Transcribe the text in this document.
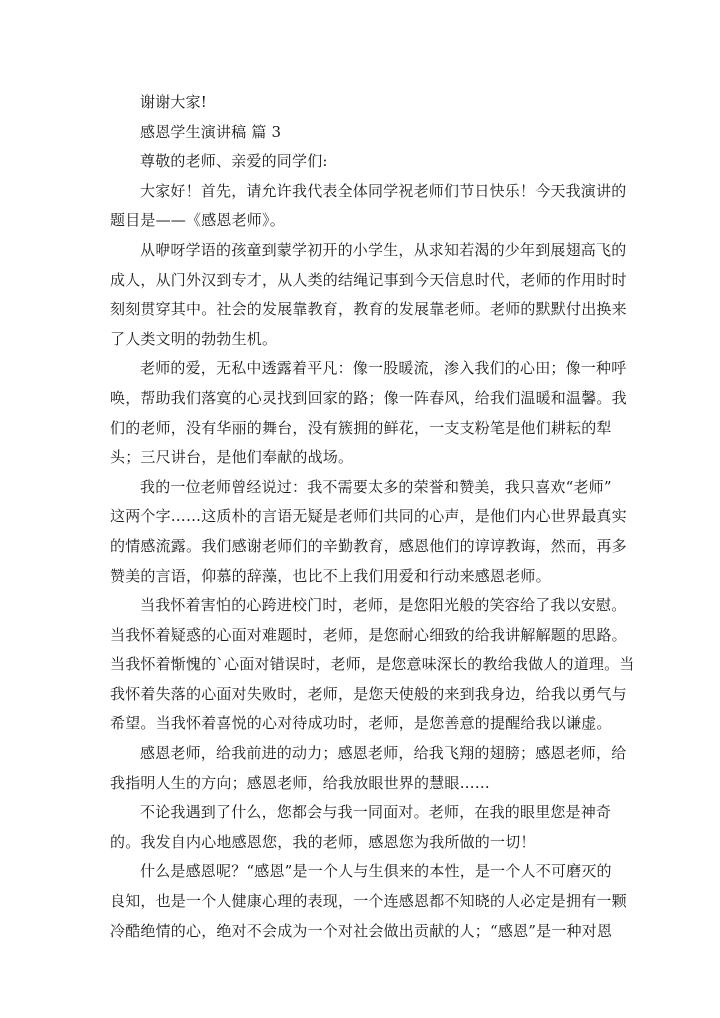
谢谢大家!
感恩学生演讲稿 篇 3
尊敬的老师、亲爱的同学们:
大家好！首先，请允许我代表全体同学祝老师们节日快乐！今天我演讲的
题目是——《感恩老师》。
从咿呀学语的孩童到蒙学初开的小学生，从求知若渴的少年到展翅高飞的
成人，从门外汉到专才，从人类的结绳记事到今天信息时代，老师的作用时时
刻刻贯穿其中。社会的发展靠教育，教育的发展靠老师。老师的默默付出换来
了人类文明的勃勃生机。
老师的爱，无私中透露着平凡：像一股暖流，渗入我们的心田；像一种呼
唤，帮助我们落寞的心灵找到回家的路；像一阵春风，给我们温暖和温馨。我
们的老师，没有华丽的舞台，没有簇拥的鲜花，一支支粉笔是他们耕耘的犁
头；三尺讲台，是他们奉献的战场。
我的一位老师曾经说过：我不需要太多的荣誉和赞美，我只喜欢“老师”
这两个字……这质朴的言语无疑是老师们共同的心声，是他们内心世界最真实
的情感流露。我们感谢老师们的辛勤教育，感恩他们的谆谆教诲，然而，再多
赞美的言语，仰慕的辞藻，也比不上我们用爱和行动来感恩老师。
当我怀着害怕的心跨进校门时，老师，是您阳光般的笑容给了我以安慰。
当我怀着疑惑的心面对难题时，老师，是您耐心细致的给我讲解解题的思路。
当我怀着惭愧的`心面对错误时，老师，是您意味深长的教给我做人的道理。当
我怀着失落的心面对失败时，老师，是您天使般的来到我身边，给我以勇气与
希望。当我怀着喜悦的心对待成功时，老师，是您善意的提醒给我以谦虚。
感恩老师，给我前进的动力；感恩老师，给我飞翔的翅膀；感恩老师，给
我指明人生的方向；感恩老师，给我放眼世界的慧眼……
不论我遇到了什么，您都会与我一同面对。老师，在我的眼里您是神奇
的。我发自内心地感恩您，我的老师，感恩您为我所做的一切！
什么是感恩呢？“感恩”是一个人与生俱来的本性，是一个人不可磨灭的
良知，也是一个人健康心理的表现，一个连感恩都不知晓的人必定是拥有一颗
冷酷绝情的心，绝对不会成为一个对社会做出贡献的人；“感恩”是一种对恩
